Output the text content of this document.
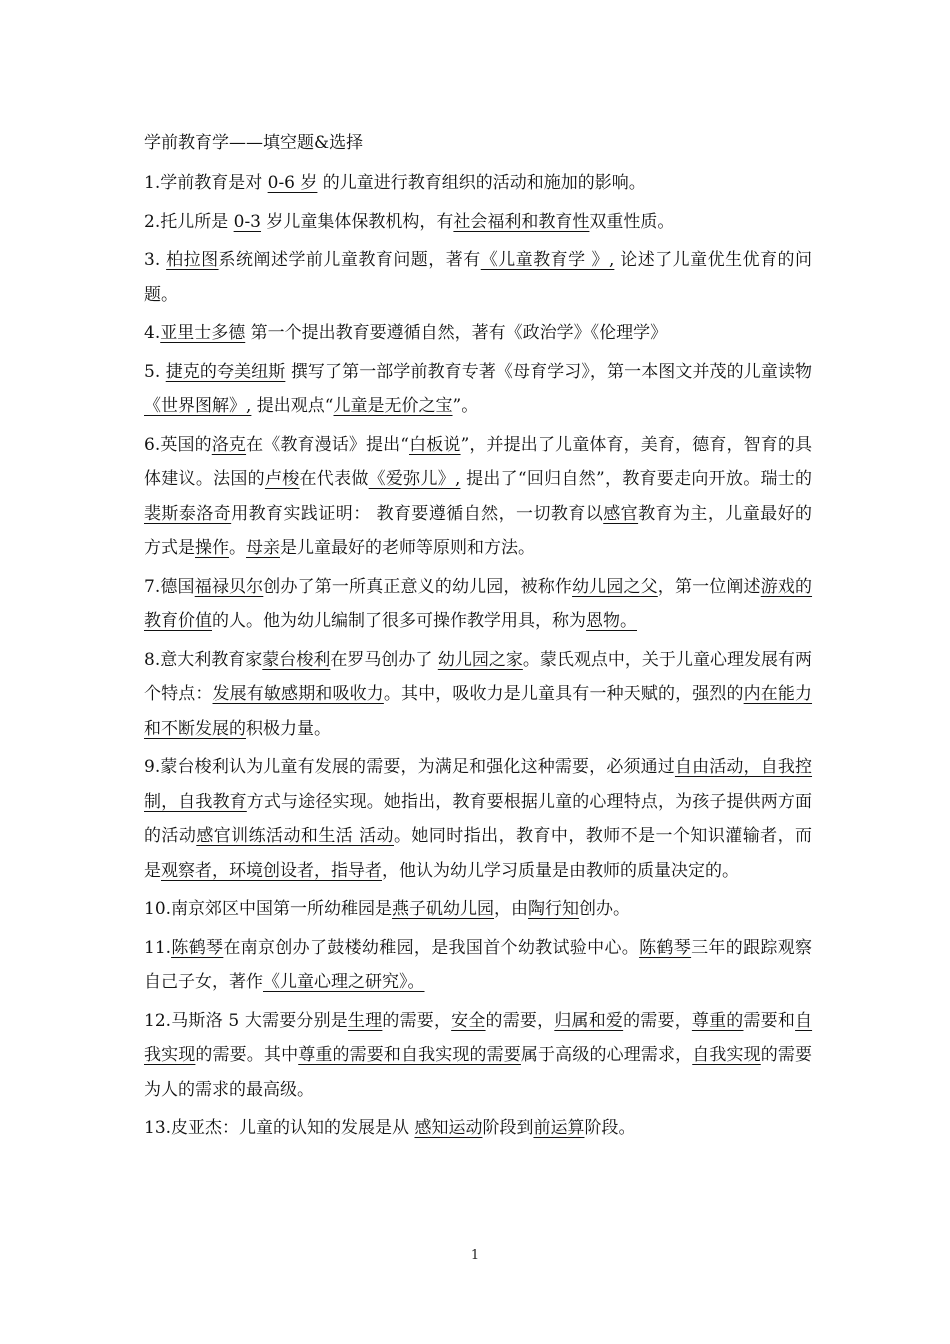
学前教育学——填空题&选择
1.学前教育是对 0-6 岁 的儿童进行教育组织的活动和施加的影响。
2.托儿所是 0-3 岁儿童集体保教机构，有社会福利和教育性双重性质。
3. 柏拉图系统阐述学前儿童教育问题，著有《儿童教育学 》, 论述了儿童优生优育的问题。
4.亚里士多德 第一个提出教育要遵循自然，著有《政治学》《伦理学》
5. 捷克的夸美纽斯 撰写了第一部学前教育专著《母育学习》，第一本图文并茂的儿童读物《世界图解》, 提出观点“儿童是无价之宝”。
6.英国的洛克在《教育漫话》提出“白板说”，并提出了儿童体育，美育，德育，智育的具体建议。法国的卢梭在代表做《爱弥儿》, 提出了“回归自然”，教育要走向开放。瑞士的裴斯泰洛奇用教育实践证明： 教育要遵循自然，一切教育以感官教育为主，儿童最好的方式是操作。母亲是儿童最好的老师等原则和方法。
7.德国福禄贝尔创办了第一所真正意义的幼儿园，被称作幼儿园之父，第一位阐述游戏的教育价值的人。他为幼儿编制了很多可操作教学用具，称为恩物。
8.意大利教育家蒙台梭利在罗马创办了 幼儿园之家。蒙氏观点中，关于儿童心理发展有两个特点：发展有敏感期和吸收力。其中，吸收力是儿童具有一种天赋的，强烈的内在能力和不断发展的积极力量。
9.蒙台梭利认为儿童有发展的需要，为满足和强化这种需要，必须通过自由活动，自我控制，自我教育方式与途径实现。她指出，教育要根据儿童的心理特点，为孩子提供两方面的活动感官训练活动和生活 活动。她同时指出，教育中，教师不是一个知识灌输者，而是观察者，环境创设者，指导者，他认为幼儿学习质量是由教师的质量决定的。
10.南京郊区中国第一所幼稚园是燕子矶幼儿园，由陶行知创办。
11.陈鹤琴在南京创办了鼓楼幼稚园，是我国首个幼教试验中心。陈鹤琴三年的跟踪观察自己子女，著作《儿童心理之研究》。
12.马斯洛 5 大需要分别是生理的需要，安全的需要，归属和爱的需要，尊重的需要和自我实现的需要。其中尊重的需要和自我实现的需要属于高级的心理需求，自我实现的需要为人的需求的最高级。
13.皮亚杰：儿童的认知的发展是从 感知运动阶段到前运算阶段。
1
